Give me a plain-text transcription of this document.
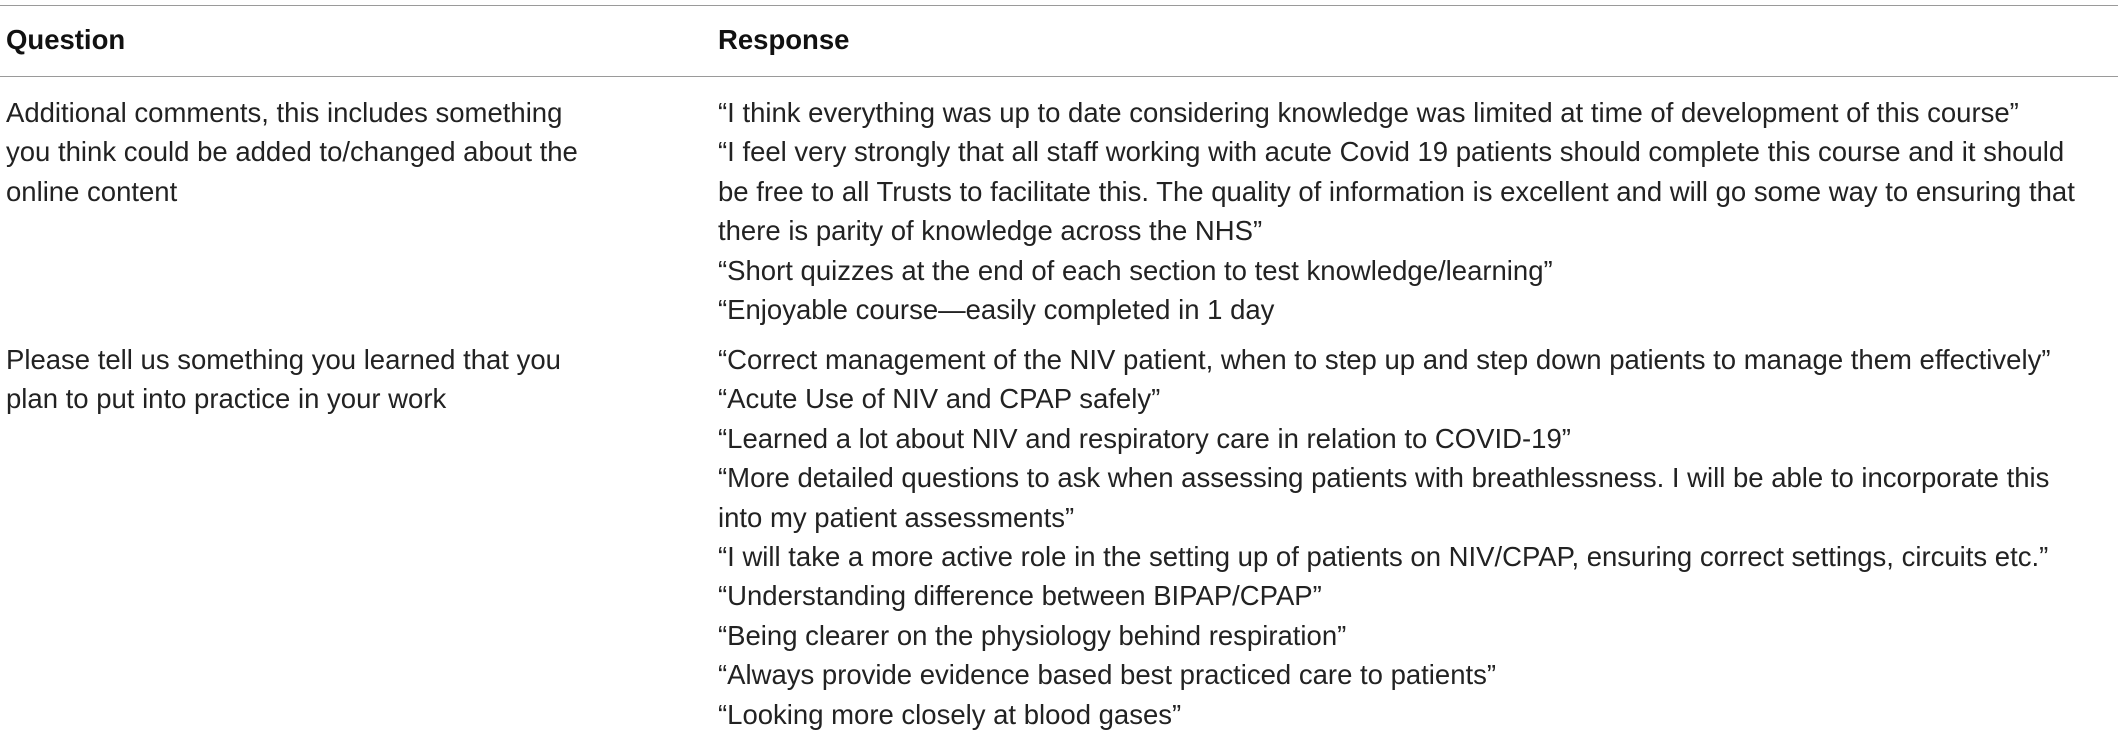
Question	Response
Additional comments, this includes something
you think could be added to/changed about the
online content
“I think everything was up to date considering knowledge was limited at time of development of this course”
“I feel very strongly that all staff working with acute Covid 19 patients should complete this course and it should
be free to all Trusts to facilitate this. The quality of information is excellent and will go some way to ensuring that
there is parity of knowledge across the NHS”
“Short quizzes at the end of each section to test knowledge/learning”
“Enjoyable course—easily completed in 1 day
Please tell us something you learned that you
plan to put into practice in your work
“Correct management of the NIV patient, when to step up and step down patients to manage them effectively”
“Acute Use of NIV and CPAP safely”
“Learned a lot about NIV and respiratory care in relation to COVID-19”
“More detailed questions to ask when assessing patients with breathlessness. I will be able to incorporate this
into my patient assessments”
“I will take a more active role in the setting up of patients on NIV/CPAP, ensuring correct settings, circuits etc.”
“Understanding difference between BIPAP/CPAP”
“Being clearer on the physiology behind respiration”
“Always provide evidence based best practiced care to patients”
“Looking more closely at blood gases”
